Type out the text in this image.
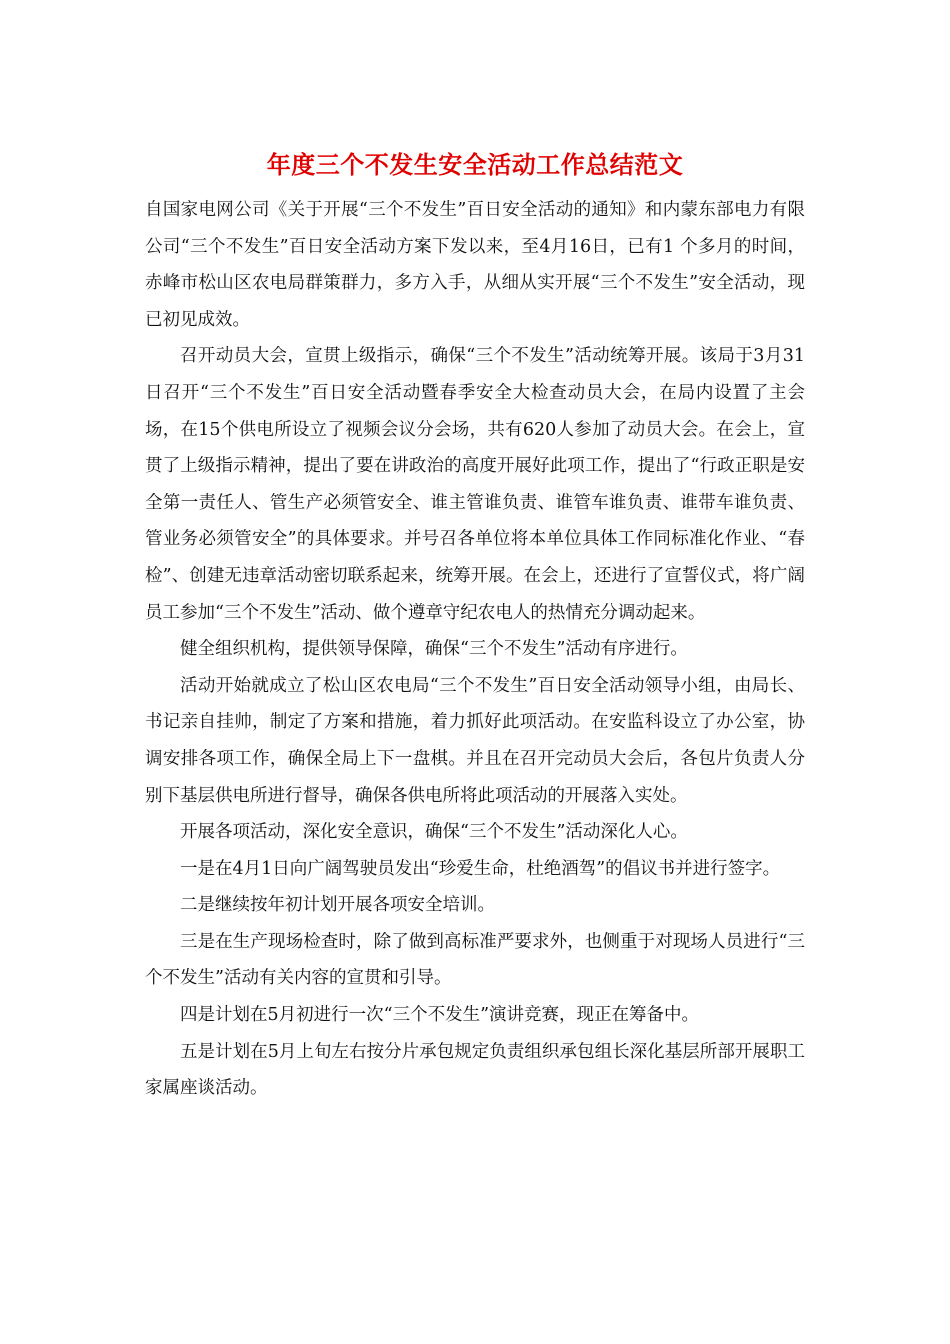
年度三个不发生安全活动工作总结范文

自国家电网公司《关于开展“三个不发生”百日安全活动的通知》和内蒙东部电力有限公司“三个不发生”百日安全活动方案下发以来，至4月16日，已有1 个多月的时间，赤峰市松山区农电局群策群力，多方入手，从细从实开展“三个不发生”安全活动，现已初见成效。

召开动员大会，宣贯上级指示，确保“三个不发生”活动统筹开展。该局于3月31日召开“三个不发生”百日安全活动暨春季安全大检查动员大会，在局内设置了主会场，在15个供电所设立了视频会议分会场，共有620人参加了动员大会。在会上，宣贯了上级指示精神，提出了要在讲政治的高度开展好此项工作，提出了“行政正职是安全第一责任人、管生产必须管安全、谁主管谁负责、谁管车谁负责、谁带车谁负责、管业务必须管安全”的具体要求。并号召各单位将本单位具体工作同标准化作业、“春检”、创建无违章活动密切联系起来，统筹开展。在会上，还进行了宣誓仪式，将广阔员工参加“三个不发生”活动、做个遵章守纪农电人的热情充分调动起来。

健全组织机构，提供领导保障，确保“三个不发生”活动有序进行。

活动开始就成立了松山区农电局“三个不发生”百日安全活动领导小组，由局长、书记亲自挂帅，制定了方案和措施，着力抓好此项活动。在安监科设立了办公室，协调安排各项工作，确保全局上下一盘棋。并且在召开完动员大会后，各包片负责人分别下基层供电所进行督导，确保各供电所将此项活动的开展落入实处。

开展各项活动，深化安全意识，确保“三个不发生”活动深化人心。

一是在4月1日向广阔驾驶员发出“珍爱生命，杜绝酒驾”的倡议书并进行签字。

二是继续按年初计划开展各项安全培训。

三是在生产现场检查时，除了做到高标准严要求外，也侧重于对现场人员进行“三个不发生”活动有关内容的宣贯和引导。

四是计划在5月初进行一次“三个不发生”演讲竞赛，现正在筹备中。

五是计划在5月上旬左右按分片承包规定负责组织承包组长深化基层所部开展职工家属座谈活动。
